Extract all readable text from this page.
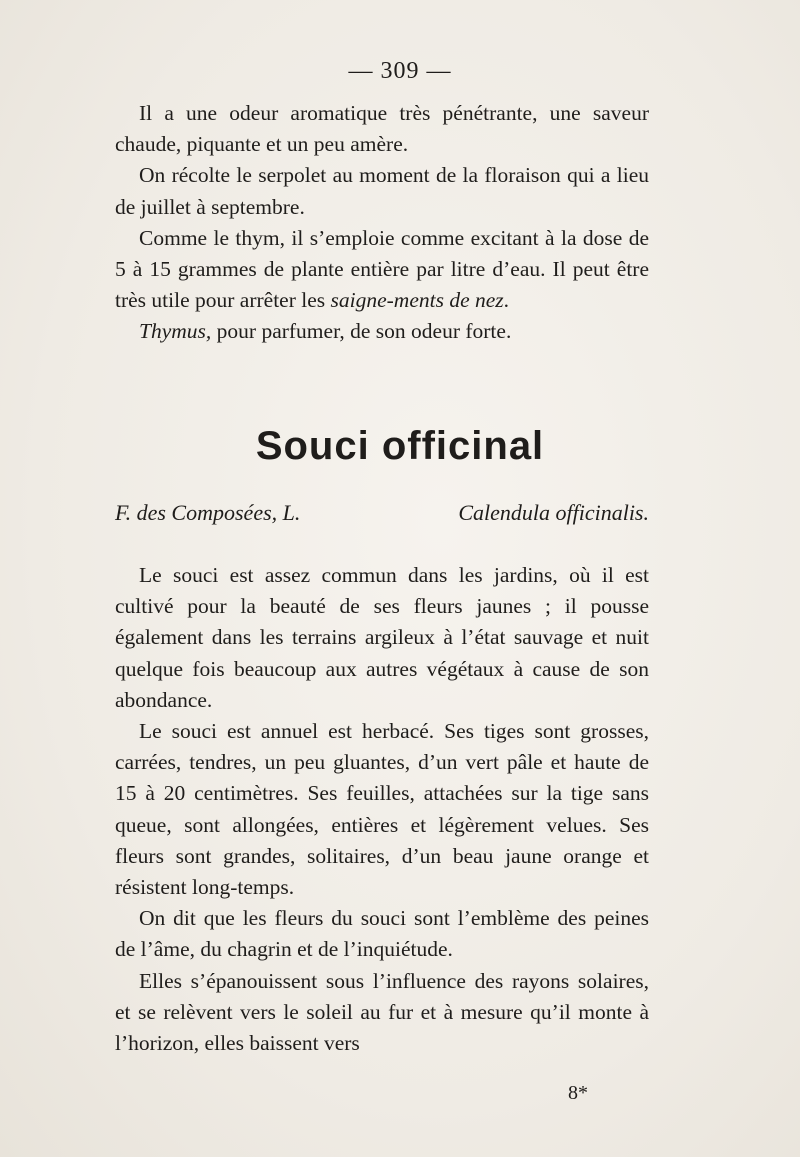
— 309 —

Il a une odeur aromatique très pénétrante, une saveur chaude, piquante et un peu amère.

On récolte le serpolet au moment de la floraison qui a lieu de juillet à septembre.

Comme le thym, il s’emploie comme excitant à la dose de 5 à 15 grammes de plante entière par litre d’eau. Il peut être très utile pour arrêter les saigne-ments de nez.

Thymus, pour parfumer, de son odeur forte.

Souci officinal
F. des Composées, L.	Calendula officinalis.

Le souci est assez commun dans les jardins, où il est cultivé pour la beauté de ses fleurs jaunes ; il pousse également dans les terrains argileux à l’état sauvage et nuit quelque fois beaucoup aux autres végétaux à cause de son abondance.

Le souci est annuel est herbacé. Ses tiges sont grosses, carrées, tendres, un peu gluantes, d’un vert pâle et haute de 15 à 20 centimètres. Ses feuilles, attachées sur la tige sans queue, sont allongées, entières et légèrement velues. Ses fleurs sont grandes, solitaires, d’un beau jaune orange et résistent long-temps.

On dit que les fleurs du souci sont l’emblème des peines de l’âme, du chagrin et de l’inquiétude.

Elles s’épanouissent sous l’influence des rayons solaires, et se relèvent vers le soleil au fur et à mesure qu’il monte à l’horizon, elles baissent vers

8*
